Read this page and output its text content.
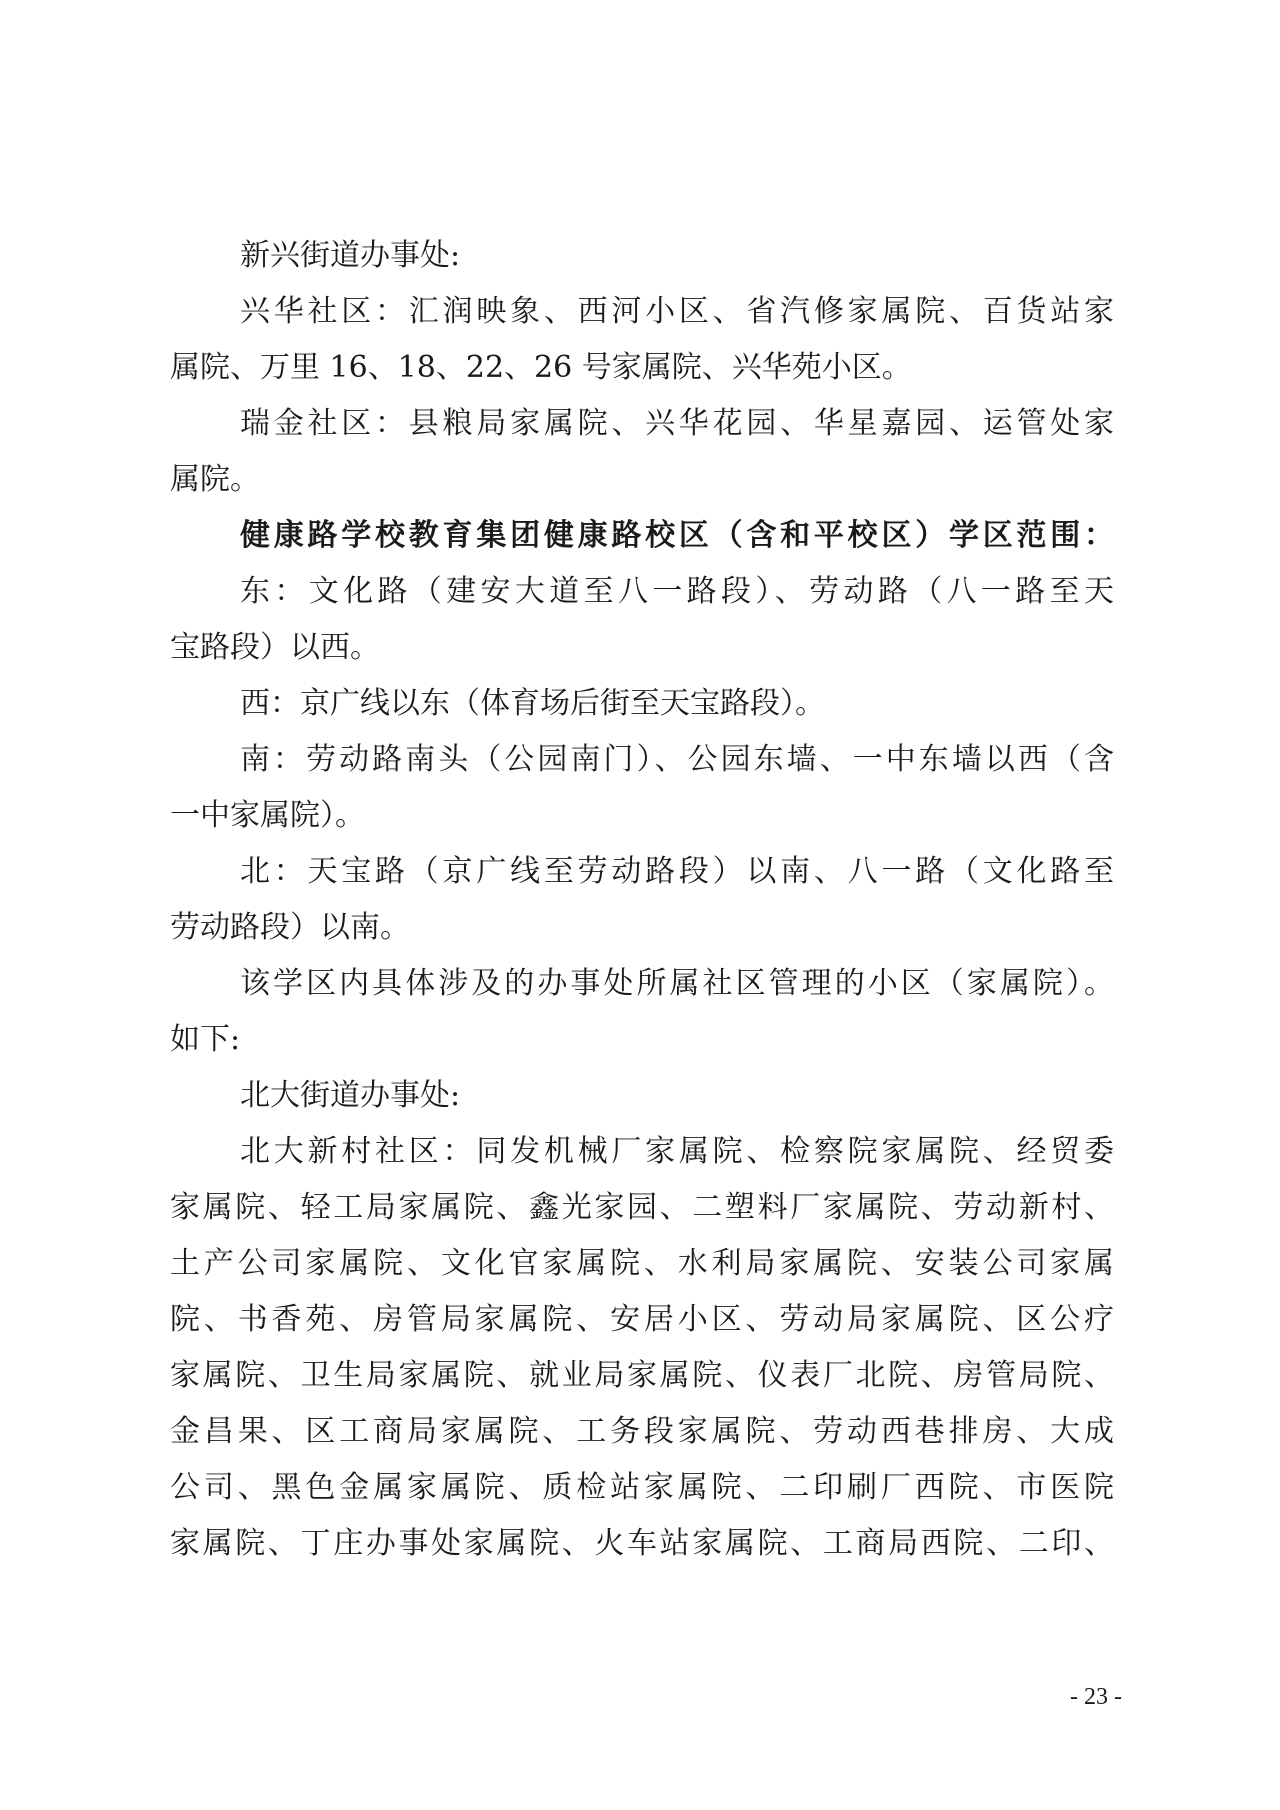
新兴街道办事处:
兴华社区：汇润映象、西河小区、省汽修家属院、百货站家
属院、万里 16、18、22、26 号家属院、兴华苑小区。
瑞金社区：县粮局家属院、兴华花园、华星嘉园、运管处家
属院。
健康路学校教育集团健康路校区（含和平校区）学区范围：
东：文化路（建安大道至八一路段）、劳动路（八一路至天
宝路段）以西。
西：京广线以东（体育场后街至天宝路段）。
南：劳动路南头（公园南门）、公园东墙、一中东墙以西（含
一中家属院）。
北：天宝路（京广线至劳动路段）以南、八一路（文化路至
劳动路段）以南。
该学区内具体涉及的办事处所属社区管理的小区（家属院）。
如下:
北大街道办事处:
北大新村社区：同发机械厂家属院、检察院家属院、经贸委
家属院、轻工局家属院、鑫光家园、二塑料厂家属院、劳动新村、
土产公司家属院、文化官家属院、水利局家属院、安装公司家属
院、书香苑、房管局家属院、安居小区、劳动局家属院、区公疗
家属院、卫生局家属院、就业局家属院、仪表厂北院、房管局院、
金昌果、区工商局家属院、工务段家属院、劳动西巷排房、大成
公司、黑色金属家属院、质检站家属院、二印刷厂西院、市医院
家属院、丁庄办事处家属院、火车站家属院、工商局西院、二印、
- 23 -
